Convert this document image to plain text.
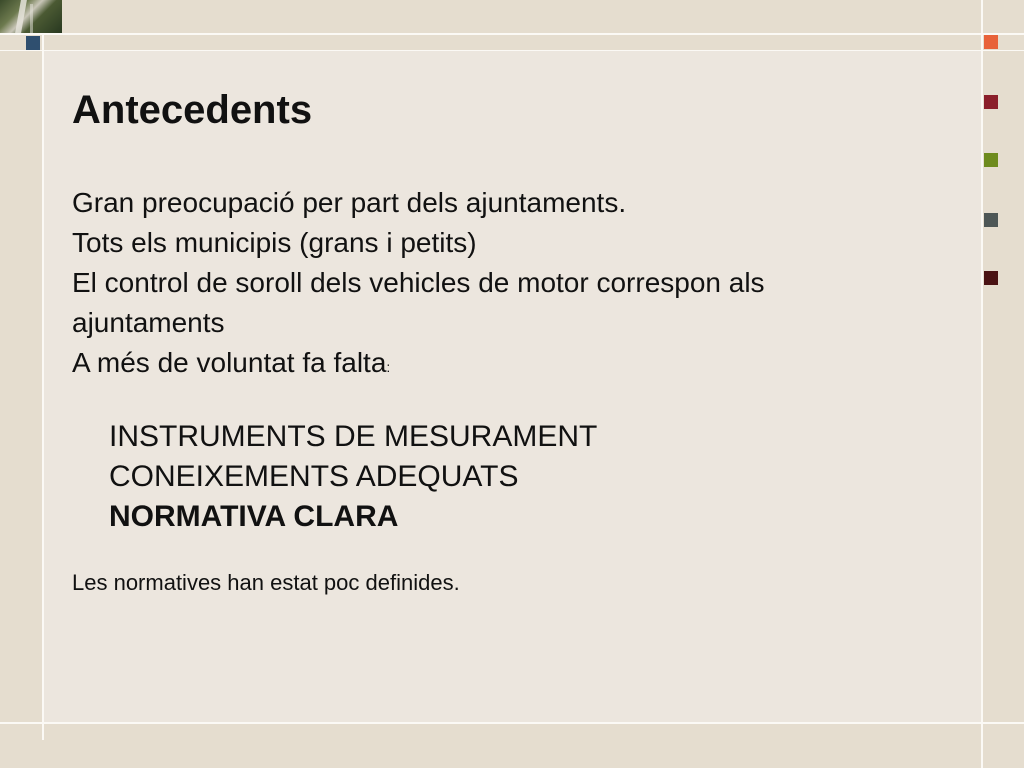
Antecedents
Gran preocupació per part dels ajuntaments.
Tots els municipis (grans i petits)
El control de soroll dels vehicles de motor correspon als
ajuntaments
A més de voluntat fa falta:
INSTRUMENTS DE MESURAMENT
CONEIXEMENTS ADEQUATS
NORMATIVA CLARA
Les normatives han estat poc definides.
